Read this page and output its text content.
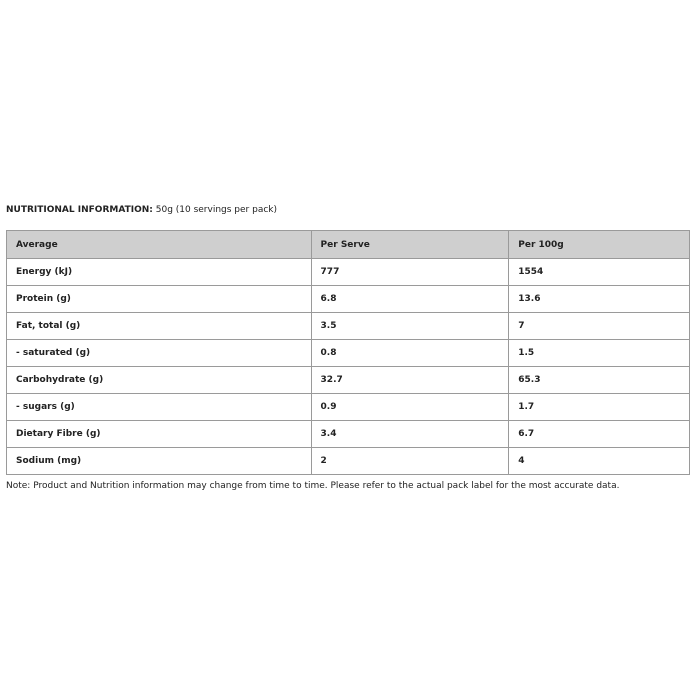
NUTRITIONAL INFORMATION: 50g (10 servings per pack)
Average	Per Serve	Per 100g
Energy (kJ)	777	1554
Protein (g)	6.8	13.6
Fat, total (g)	3.5	7
- saturated (g)	0.8	1.5
Carbohydrate (g)	32.7	65.3
- sugars (g)	0.9	1.7
Dietary Fibre (g)	3.4	6.7
Sodium (mg)	2	4
Note: Product and Nutrition information may change from time to time. Please refer to the actual pack label for the most accurate data.
